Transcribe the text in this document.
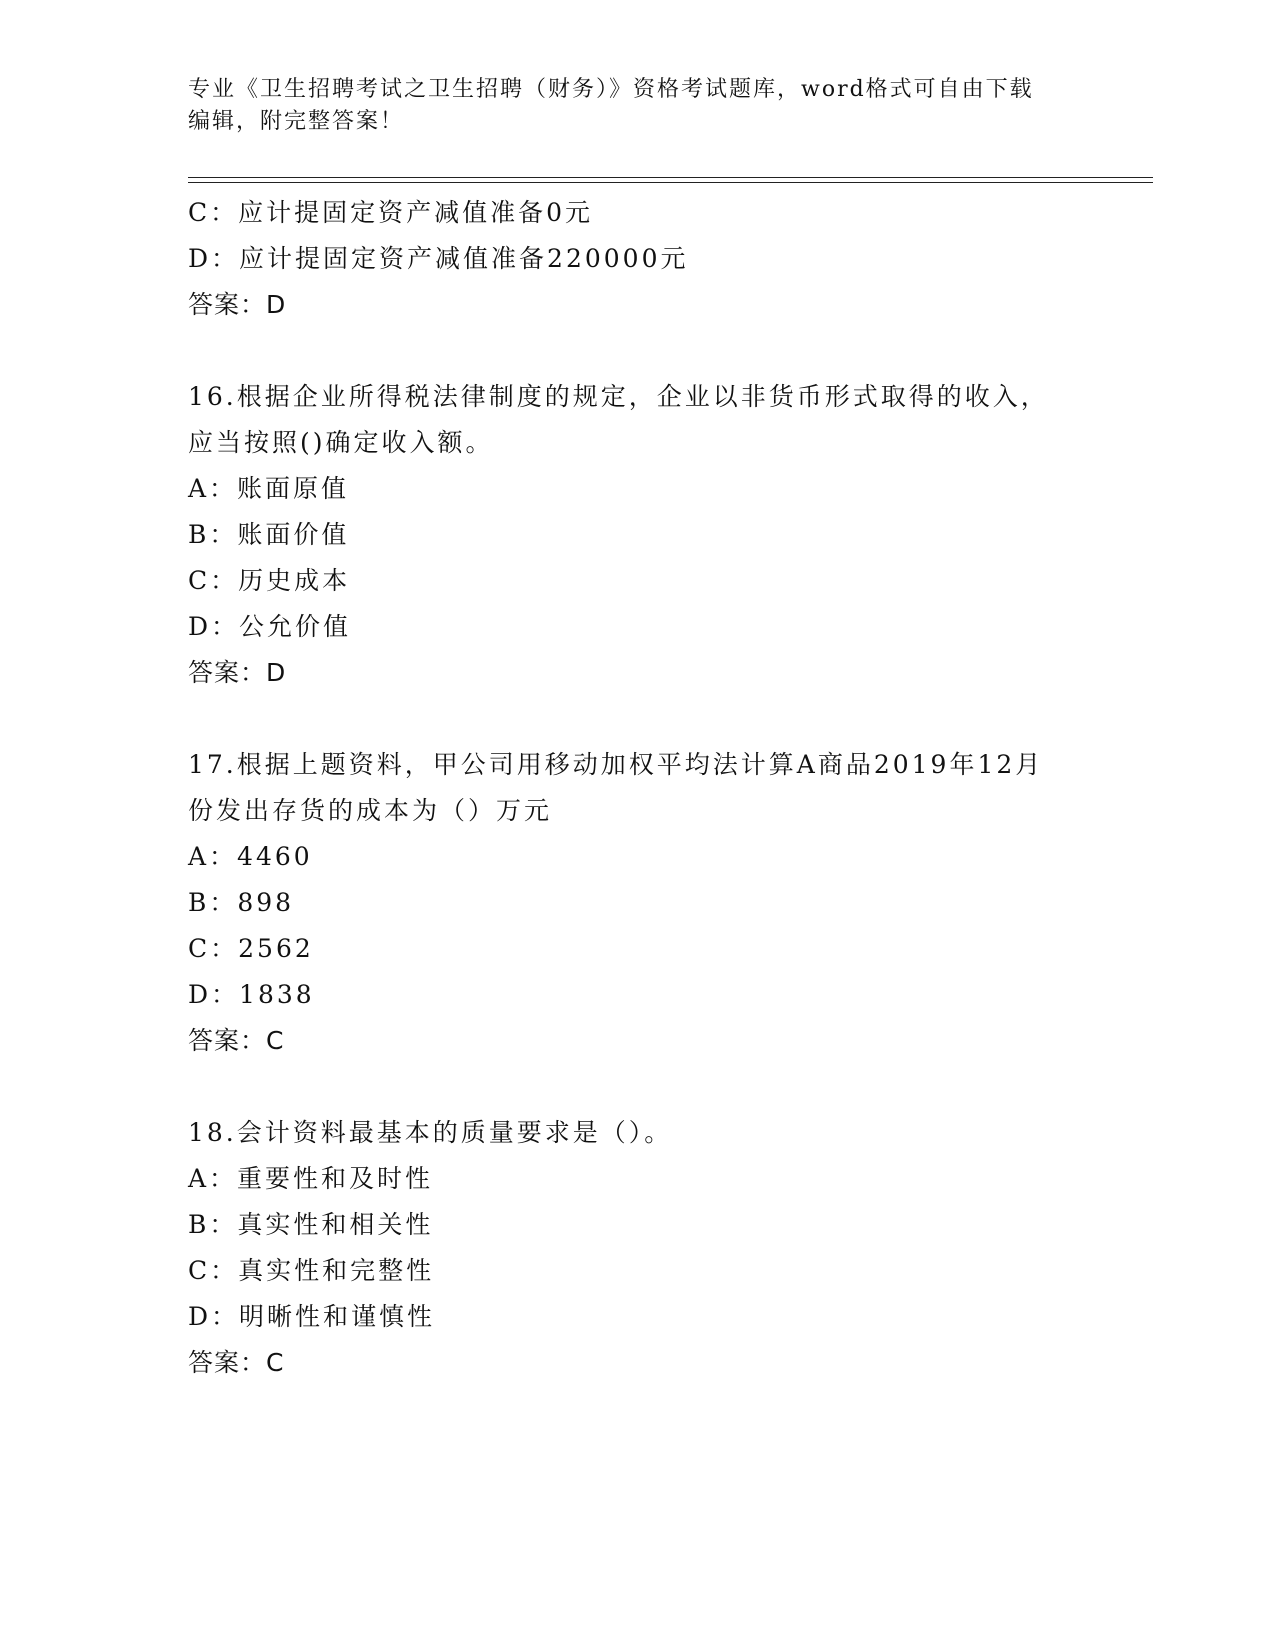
专业《卫生招聘考试之卫生招聘（财务）》资格考试题库，word格式可自由下载
编辑，附完整答案！
C：应计提固定资产减值准备0元
D：应计提固定资产减值准备220000元
答案：D
16.根据企业所得税法律制度的规定，企业以非货币形式取得的收入，
应当按照()确定收入额。
A：账面原值
B：账面价值
C：历史成本
D：公允价值
答案：D
17.根据上题资料，甲公司用移动加权平均法计算A商品2019年12月
份发出存货的成本为（）万元
A：4460
B：898
C：2562
D：1838
答案：C
18.会计资料最基本的质量要求是（）。
A：重要性和及时性
B：真实性和相关性
C：真实性和完整性
D：明晰性和谨慎性
答案：C
